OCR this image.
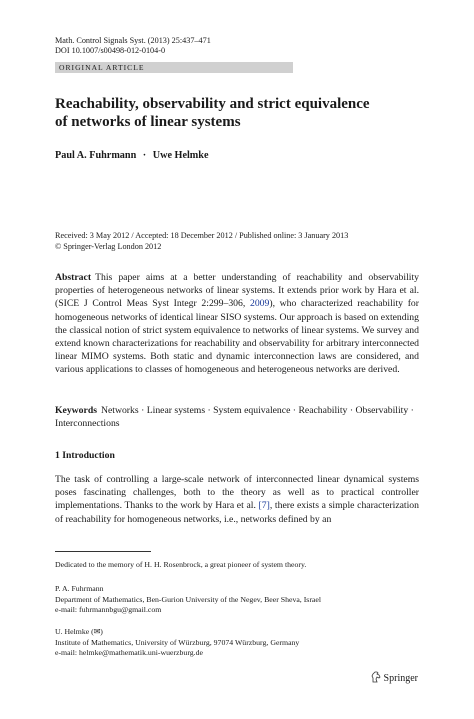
Math. Control Signals Syst. (2013) 25:437–471
DOI 10.1007/s00498-012-0104-0
ORIGINAL ARTICLE
Reachability, observability and strict equivalence
of networks of linear systems
Paul A. Fuhrmann · Uwe Helmke
Received: 3 May 2012 / Accepted: 18 December 2012 / Published online: 3 January 2013
© Springer-Verlag London 2012
Abstract This paper aims at a better understanding of reachability and observability properties of heterogeneous networks of linear systems. It extends prior work by Hara et al. (SICE J Control Meas Syst Integr 2:299–306, 2009), who characterized reachability for homogeneous networks of identical linear SISO systems. Our approach is based on extending the classical notion of strict system equivalence to networks of linear systems. We survey and extend known characterizations for reachability and observability for arbitrary interconnected linear MIMO systems. Both static and dynamic interconnection laws are considered, and various applications to classes of homogeneous and heterogeneous networks are derived.
Keywords Networks · Linear systems · System equivalence · Reachability · Observability · Interconnections
1 Introduction
The task of controlling a large-scale network of interconnected linear dynamical systems poses fascinating challenges, both to the theory as well as to practical controller implementations. Thanks to the work by Hara et al. [7], there exists a simple characterization of reachability for homogeneous networks, i.e., networks defined by an
Dedicated to the memory of H. H. Rosenbrock, a great pioneer of system theory.
P. A. Fuhrmann
Department of Mathematics, Ben-Gurion University of the Negev, Beer Sheva, Israel
e-mail: fuhrmannbgu@gmail.com
U. Helmke (✉)
Institute of Mathematics, University of Würzburg, 97074 Würzburg, Germany
e-mail: helmke@mathematik.uni-wuerzburg.de
Springer
